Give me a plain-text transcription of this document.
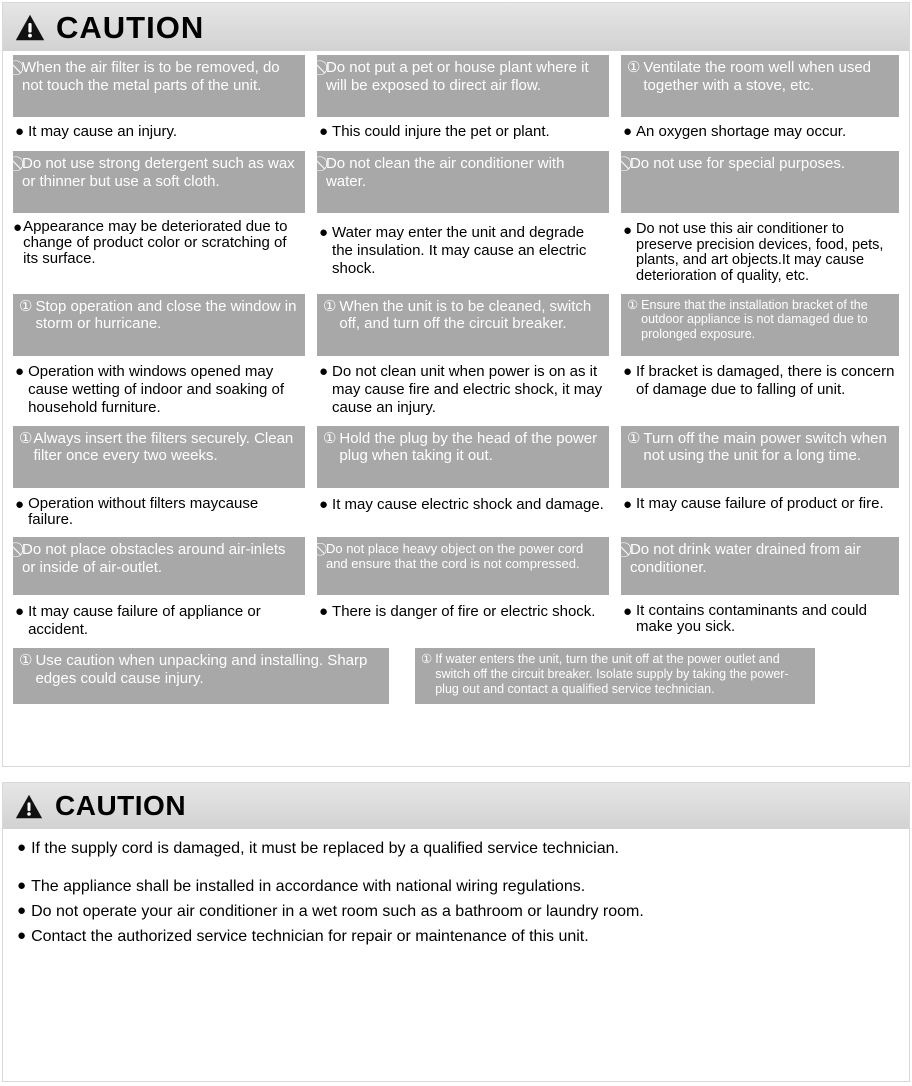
CAUTION
When the air filter is to be removed, do not touch the metal parts of the unit.
● It may cause an injury.
Do not put a pet or house plant where it will be exposed to direct air flow.
● This could injure the pet or plant.
① Ventilate the room well when used together with a stove, etc.
● An oxygen shortage may occur.
Do not use strong detergent such as wax or thinner but use a soft cloth.
● Appearance may be deteriorated due to change of product color or scratching of its surface.
Do not clean the air conditioner with water.
● Water may enter the unit and degrade the insulation. It may cause an electric shock.
Do not use for special purposes.
● Do not use this air conditioner to preserve precision devices, food, pets, plants, and art objects.It may cause deterioration of quality, etc.
① Stop operation and close the window in storm or hurricane.
● Operation with windows opened may cause wetting of indoor and soaking of household furniture.
① When the unit is to be cleaned, switch off, and turn off the circuit breaker.
● Do not clean unit when power is on as it may cause fire and electric shock, it may cause an injury.
① Ensure that the installation bracket of the outdoor appliance is not damaged due to prolonged exposure.
● If bracket is damaged, there is concern of damage due to falling of unit.
① Always insert the filters securely. Clean filter once every two weeks.
● Operation without filters maycause failure.
① Hold the plug by the head of the power plug when taking it out.
● It may cause electric shock and damage.
① Turn off the main power switch when not using the unit for a long time.
● It may cause failure of product or fire.
Do not place obstacles around air-inlets or inside of air-outlet.
● It may cause failure of appliance or accident.
Do not place heavy object on the power cord and ensure that the cord is not compressed.
● There is danger of fire or electric shock.
Do not drink water drained from air conditioner.
● It contains contaminants and could make you sick.
① Use caution when unpacking and installing. Sharp edges could cause injury.
① If water enters the unit, turn the unit off at the power outlet and switch off the circuit breaker. Isolate supply by taking the power-plug out and contact a qualified service technician.
CAUTION
● If the supply cord is damaged, it must be replaced by a qualified service technician.
● The appliance shall be installed in accordance with national wiring regulations.
● Do not operate your air conditioner in a wet room such as a bathroom or laundry room.
● Contact the authorized service technician for repair or maintenance of this unit.
